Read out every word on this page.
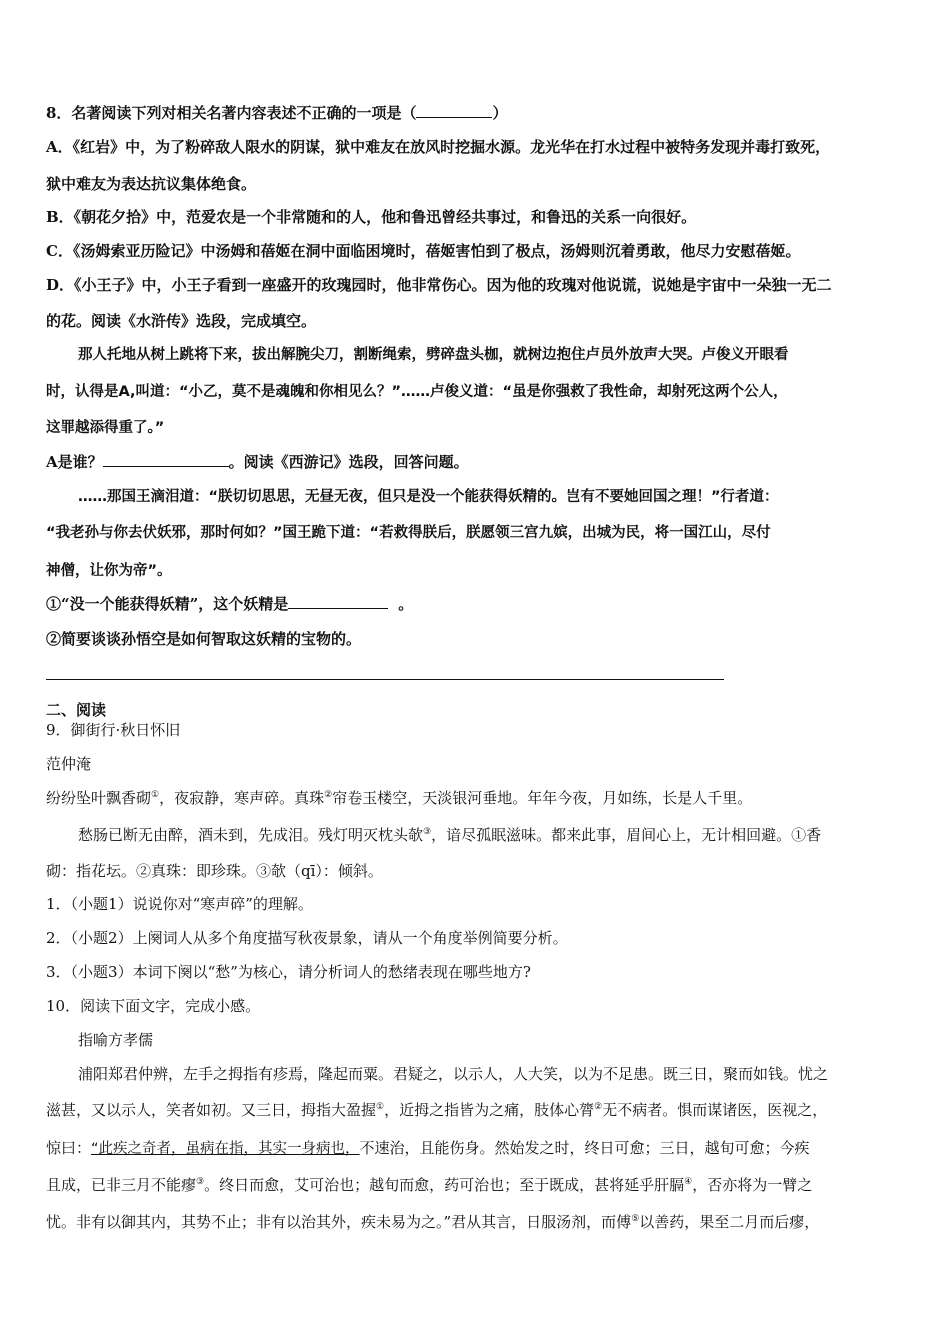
8．名著阅读下列对相关名著内容表述不正确的一项是（	）
A．《红岩》中，为了粉碎敌人限水的阴谋，狱中难友在放风时挖掘水源。龙光华在打水过程中被特务发现并毒打致死，
狱中难友为表达抗议集体绝食。
B．《朝花夕拾》中，范爱农是一个非常随和的人，他和鲁迅曾经共事过，和鲁迅的关系一向很好。
C．《汤姆索亚历险记》中汤姆和蓓姬在洞中面临困境时，蓓姬害怕到了极点，汤姆则沉着勇敢，他尽力安慰蓓姬。
D．《小王子》中，小王子看到一座盛开的玫瑰园时，他非常伤心。因为他的玫瑰对他说谎，说她是宇宙中一朵独一无二
的花。阅读《水浒传》选段，完成填空。
那人托地从树上跳将下来，拔出解腕尖刀，割断绳索，劈碎盘头枷，就树边抱住卢员外放声大哭。卢俊义开眼看
时，认得是A,叫道：“小乙，莫不是魂魄和你相见么？”……卢俊义道：“虽是你强救了我性命，却射死这两个公人，
这罪越添得重了。”
A是谁？	。阅读《西游记》选段，回答问题。
……那国王滴泪道：“朕切切思思，无昼无夜，但只是没一个能获得妖精的。岂有不要她回国之理！”行者道：
“我老孙与你去伏妖邪，那时何如？”国王跪下道：“若救得朕后，朕愿领三宫九嫔，出城为民，将一国江山，尽付
神僧，让你为帝”。
①“没一个能获得妖精”，这个妖精是	。
②简要谈谈孙悟空是如何智取这妖精的宝物的。
二、阅读
9．御街行·秋日怀旧
范仲淹
纷纷坠叶飘香砌①，夜寂静，寒声碎。真珠②帘卷玉楼空，天淡银河垂地。年年今夜，月如练，长是人千里。
愁肠已断无由醉，酒未到，先成泪。残灯明灭枕头欹③，谙尽孤眠滋味。都来此事，眉间心上，无计相回避。①香
砌：指花坛。②真珠：即珍珠。③欹（qī）：倾斜。
1．（小题1）说说你对“寒声碎”的理解。
2．（小题2）上阕词人从多个角度描写秋夜景象，请从一个角度举例简要分析。
3．（小题3）本词下阕以“愁”为核心，请分析词人的愁绪表现在哪些地方?
10．阅读下面文字，完成小感。
指喻方孝儒
浦阳郑君仲辨，左手之拇指有疹焉，隆起而粟。君疑之，以示人，人大笑，以为不足患。既三日，聚而如钱。忧之
滋甚，又以示人，笑者如初。又三日，拇指大盈握①，近拇之指皆为之痛，肢体心膂②无不病者。惧而谋诸医，医视之，
惊曰：“此疾之奇者，虽病在指，其实一身病也，不速治，且能伤身。然始发之时，终日可愈；三日，越旬可愈；今疾
且成，已非三月不能瘳③。终日而愈，艾可治也；越旬而愈，药可治也；至于既成，甚将延乎肝膈④，否亦将为一臂之
忧。非有以御其内，其势不止；非有以治其外，疾未易为之。”君从其言，日服汤剂，而傅⑤以善药，果至二月而后瘳，
